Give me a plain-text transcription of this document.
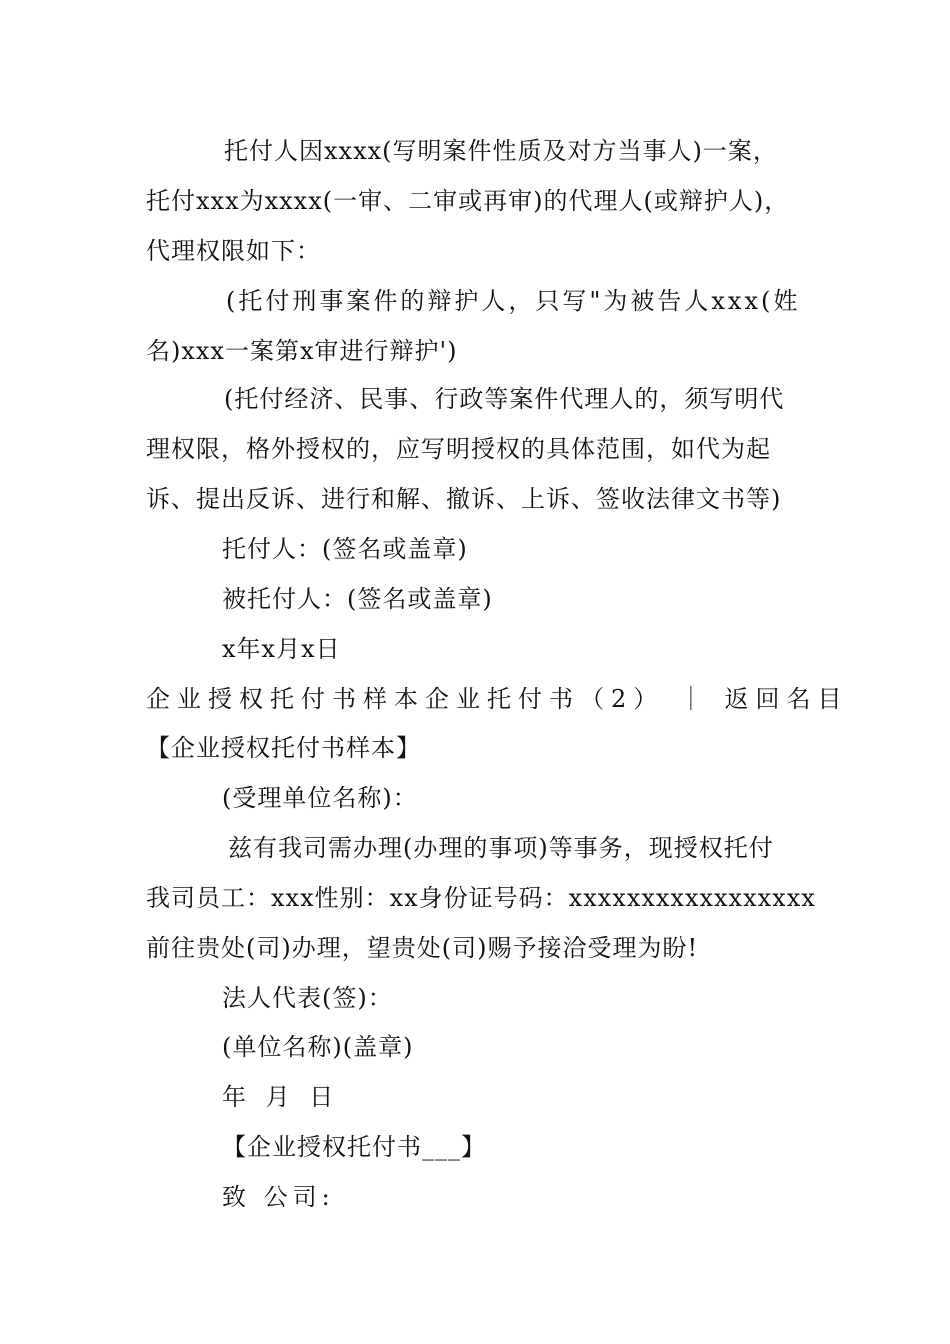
托付人因xxxx(写明案件性质及对方当事人)一案，
托付xxx为xxxx(一审、二审或再审)的代理人(或辩护人)，
代理权限如下：
(托付刑事案件的辩护人，只写"为被告人xxx(姓
名)xxx一案第x审进行辩护')
(托付经济、民事、行政等案件代理人的，须写明代
理权限，格外授权的，应写明授权的具体范围，如代为起
诉、提出反诉、进行和解、撤诉、上诉、签收法律文书等)
托付人：(签名或盖章)
被托付人：(签名或盖章)
x年x月x日
企业授权托付书样本企业托付书（2） ｜ 返回名目
【企业授权托付书样本】
(受理单位名称)：
兹有我司需办理(办理的事项)等事务，现授权托付
我司员工：xxx性别：xx身份证号码：xxxxxxxxxxxxxxxxx
前往贵处(司)办理，望贵处(司)赐予接洽受理为盼!
法人代表(签)：
(单位名称)(盖章)
年 月 日
【企业授权托付书___】
致 公司:
